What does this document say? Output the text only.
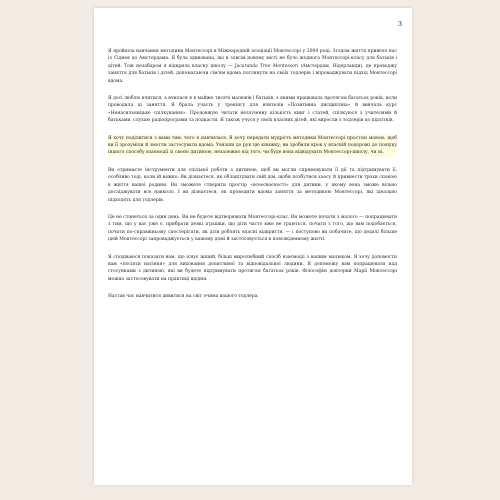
3

Я пройшла навчання методики Монтессорі в Міжнародній асоціації Монтессорі у 2004 році. Згодом життя привело нас із Сіднея до Амстердама. Я була здивована, що в зовсім новому місті не було жодного Монтессорі-класу для батьків і дітей. Тож незабаром я відкрила власну школу — Jacaranda Tree Montessori (Амстердам, Нідерланди), де проводжу заняття для батьків і дітей, допомагаючи сім'ям вдома поглянути на своїх тодлерів і впроваджувати підхід Монтессорі вдома.

Я досі люблю вчитися, а вчилася я в майже тисячі малюків і батьків, з якими працювала протягом багатьох років, коли проводила ці заняття. Я брала участь у тренінгу для вчителів «Позитивна дисципліна» й вивчала курс «Ненасильницьке спілкування». Продовжую читати незліченну кількість книг і статей, спілкуюся з учителями й батьками, слухаю радіопрограми та подкасти. Я також учуся у своїх власних дітей, які виросли з тодлерів до підлітків.

Я хочу поділитися з вами тим, чого я навчилася. Я хочу передати мудрість методики Монтессорі простою мовою, щоб ви її зрозуміли й змогли застосувати вдома. Увязши до рук цю книжку, ви зробили крок у власній подорожі до пошуку іншого способу взаємодії зі своєю дитиною, незалежно від того, чи буде вона відвідувати Монтессорі-школу, чи ні.

Ви отримаєте інструменти для спільної роботи з дитиною, щоб ви могли спрямовувати її дії та підтримувати її, особливо тоді, коли їй важко. Ви дізнаєтеся, як облаштувати свій дім, щоби позбутися хаосу й привнести трохи спокою в життя вашої родини. Ви зможете створити простір «всеосвоєності» для дитини, у якому вона зможе вільно досліджувати все навколо. І ви дізнаєтеся, як проводити вдома заняття за методикою Монтессорі, які ідеально підходять для тодлерів.

Це не станеться за один день. Ви не будете відтворювати Монтессорі-клас. Ви можете почати з малого — попрацювати з тим, що у вас уже є, прибрати деякі іграшки, що діти часто вже не граються, почати з того, що вам подобається, почати по-справжньому спостерігати, як діти роблять власні відкриття, — і поступово ви побачите, що дедалі більше ідей Монтессорі запроваджується у вашому домі й застосовується в повсякденному житті.

Я сподіваюся показати вам, що існує інший, більш миролюбний спосіб взаємодії з вашим малюком. Я хочу допомогти вам «посіяти насіння» для виховання допитливої та відповідальної людини. Я допоможу вам попрацювати над стосунками з дитиною, які ви будете підтримувати протягом багатьох років. Філософію докторки Марії Монтессорі можна застосовувати на практиці щодня.

Настав час навчитися дивитися на світ очима вашого тодлера.
